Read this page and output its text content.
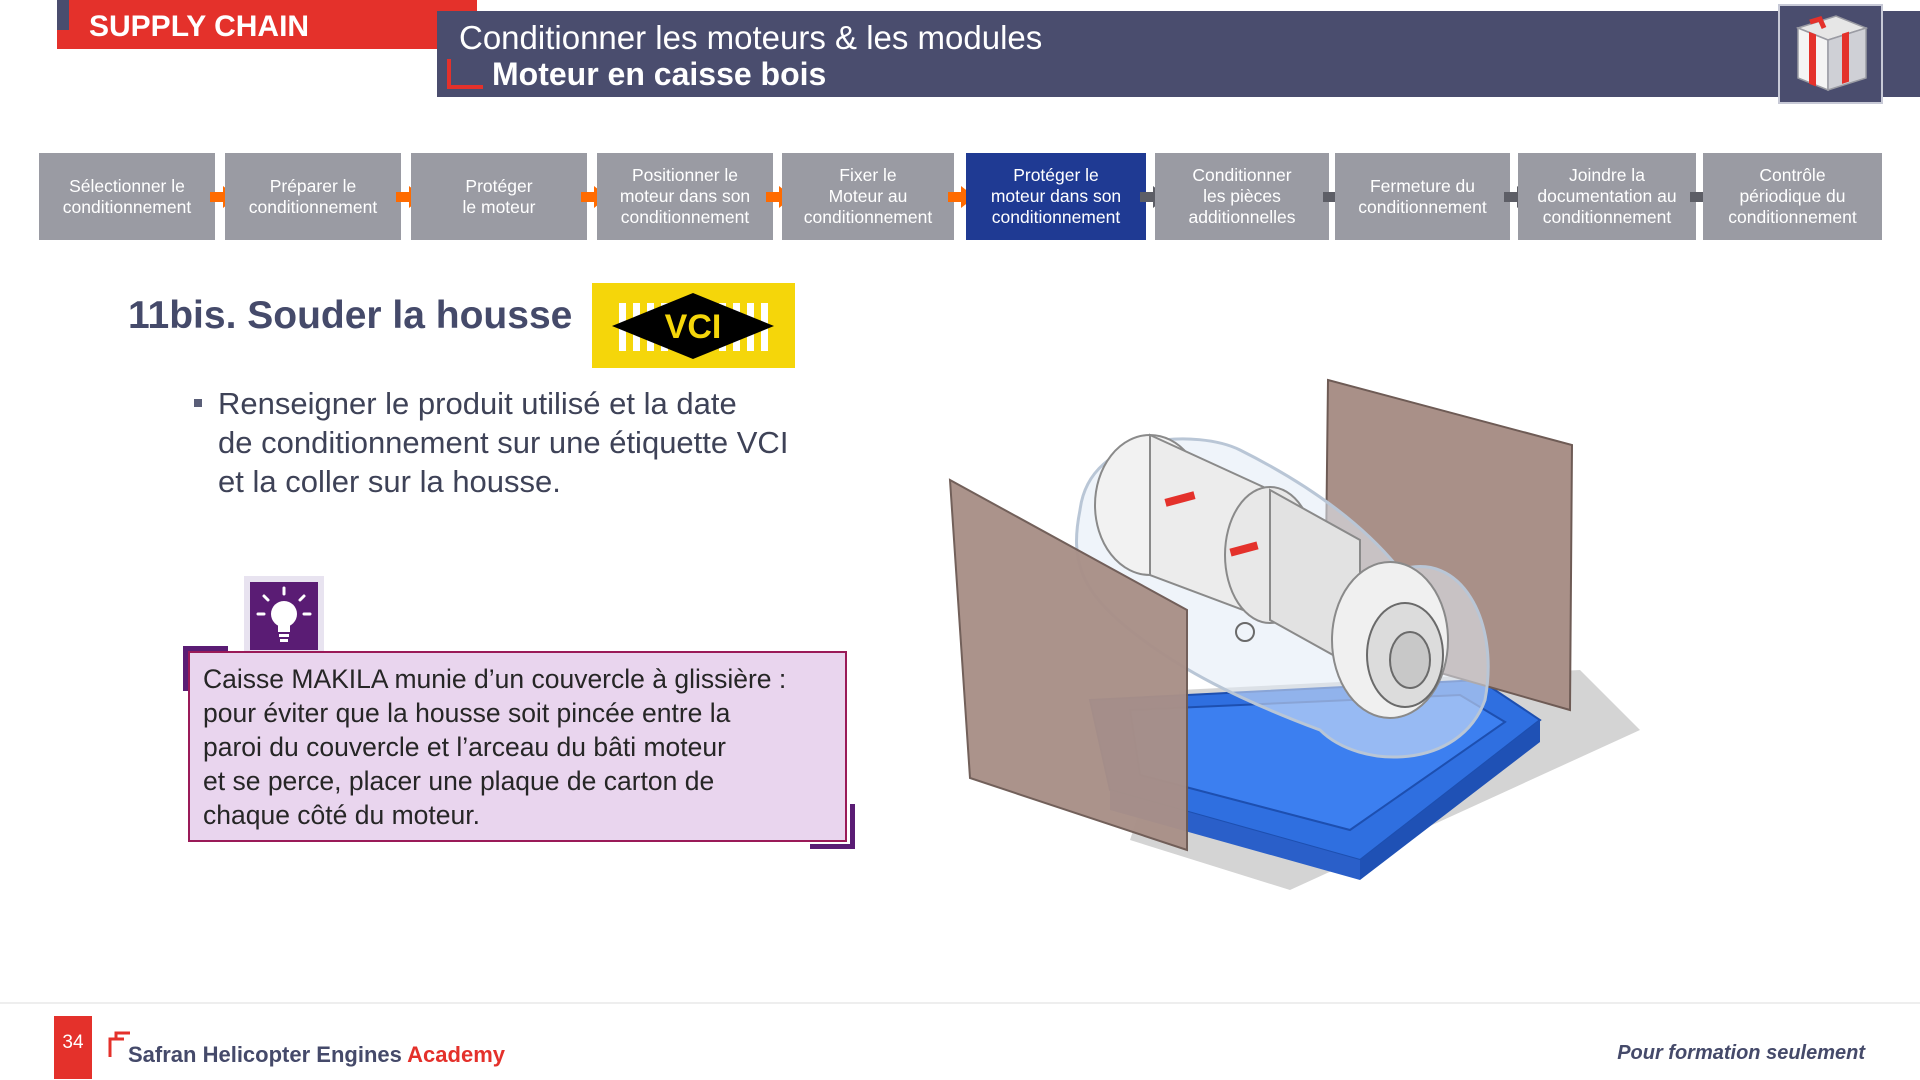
SUPPLY CHAIN	Conditionner les moteurs & les modules
Moteur en caisse bois
Sélectionner le
conditionnement
Préparer le
conditionnement
Protéger
le moteur
Positionner le
moteur dans son
conditionnement
Fixer le
Moteur au
conditionnement
Protéger le
moteur dans son
conditionnement
Conditionner
les pièces
additionnelles
Fermeture du
conditionnement
Joindre la
documentation au
conditionnement
Contrôle
périodique du
conditionnement
11bis. Souder la housse	VCI
Renseigner le produit utilisé et la date
de conditionnement sur une étiquette VCI
et la coller sur la housse.
Caisse MAKILA munie d’un couvercle à glissière :
pour éviter que la housse soit pincée entre la
paroi du couvercle et l’arceau du bâti moteur
et se perce, placer une plaque de carton de
chaque côté du moteur.
34	Safran Helicopter Engines Academy	Pour formation seulement
